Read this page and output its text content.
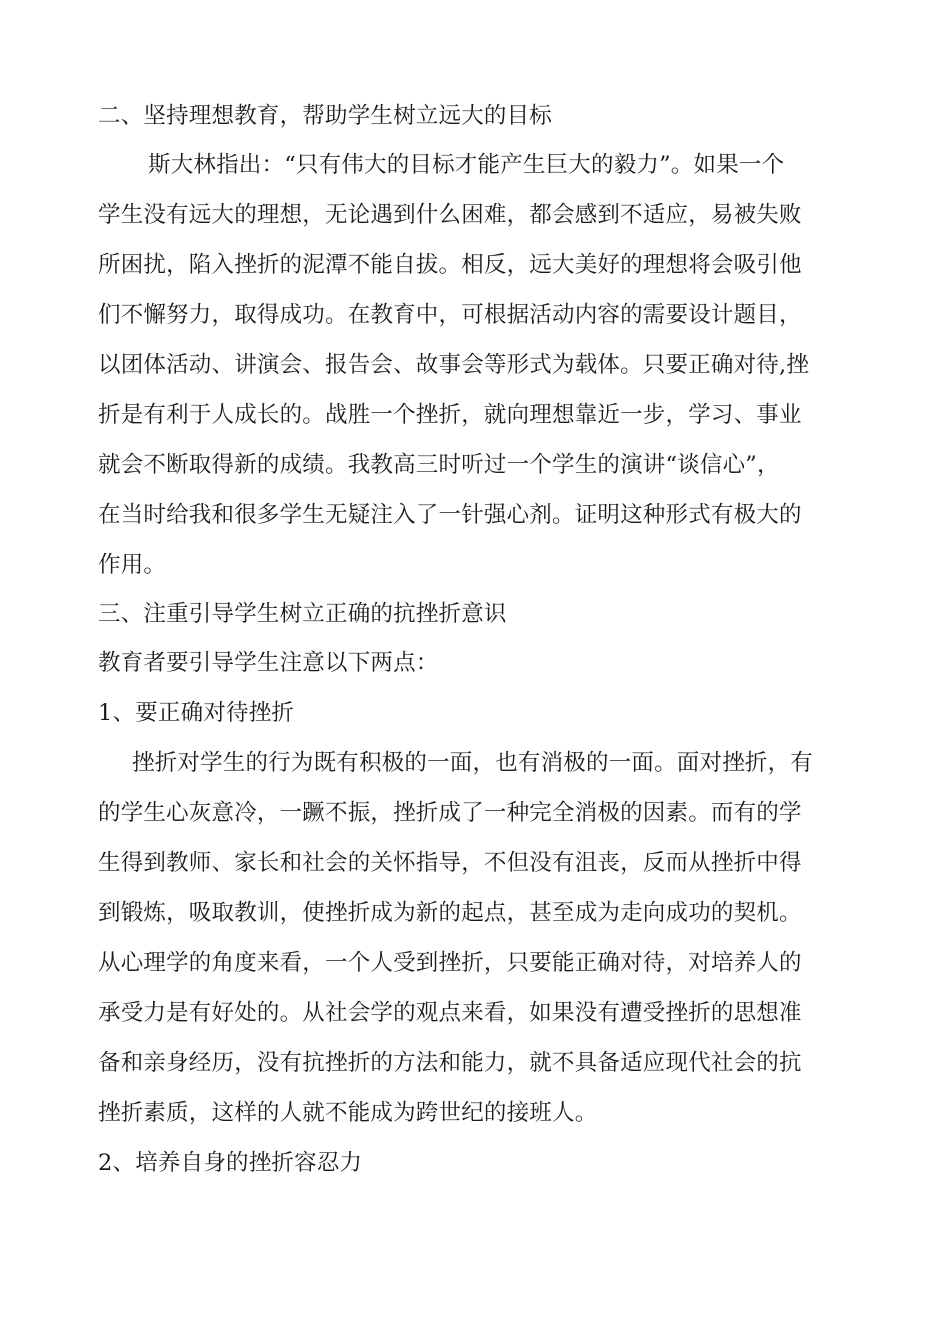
二、坚持理想教育，帮助学生树立远大的目标
斯大林指出：“只有伟大的目标才能产生巨大的毅力”。如果一个
学生没有远大的理想，无论遇到什么困难，都会感到不适应，易被失败
所困扰，陷入挫折的泥潭不能自拔。相反，远大美好的理想将会吸引他
们不懈努力，取得成功。在教育中，可根据活动内容的需要设计题目，
以团体活动、讲演会、报告会、故事会等形式为载体。只要正确对待,挫
折是有利于人成长的。战胜一个挫折，就向理想靠近一步，学习、事业
就会不断取得新的成绩。我教高三时听过一个学生的演讲“谈信心”，
在当时给我和很多学生无疑注入了一针强心剂。证明这种形式有极大的
作用。
三、注重引导学生树立正确的抗挫折意识
教育者要引导学生注意以下两点：
1、要正确对待挫折
挫折对学生的行为既有积极的一面，也有消极的一面。面对挫折，有
的学生心灰意冷，一蹶不振，挫折成了一种完全消极的因素。而有的学
生得到教师、家长和社会的关怀指导，不但没有沮丧，反而从挫折中得
到锻炼，吸取教训，使挫折成为新的起点，甚至成为走向成功的契机。
从心理学的角度来看，一个人受到挫折，只要能正确对待，对培养人的
承受力是有好处的。从社会学的观点来看，如果没有遭受挫折的思想准
备和亲身经历，没有抗挫折的方法和能力，就不具备适应现代社会的抗
挫折素质，这样的人就不能成为跨世纪的接班人。
2、培养自身的挫折容忍力
